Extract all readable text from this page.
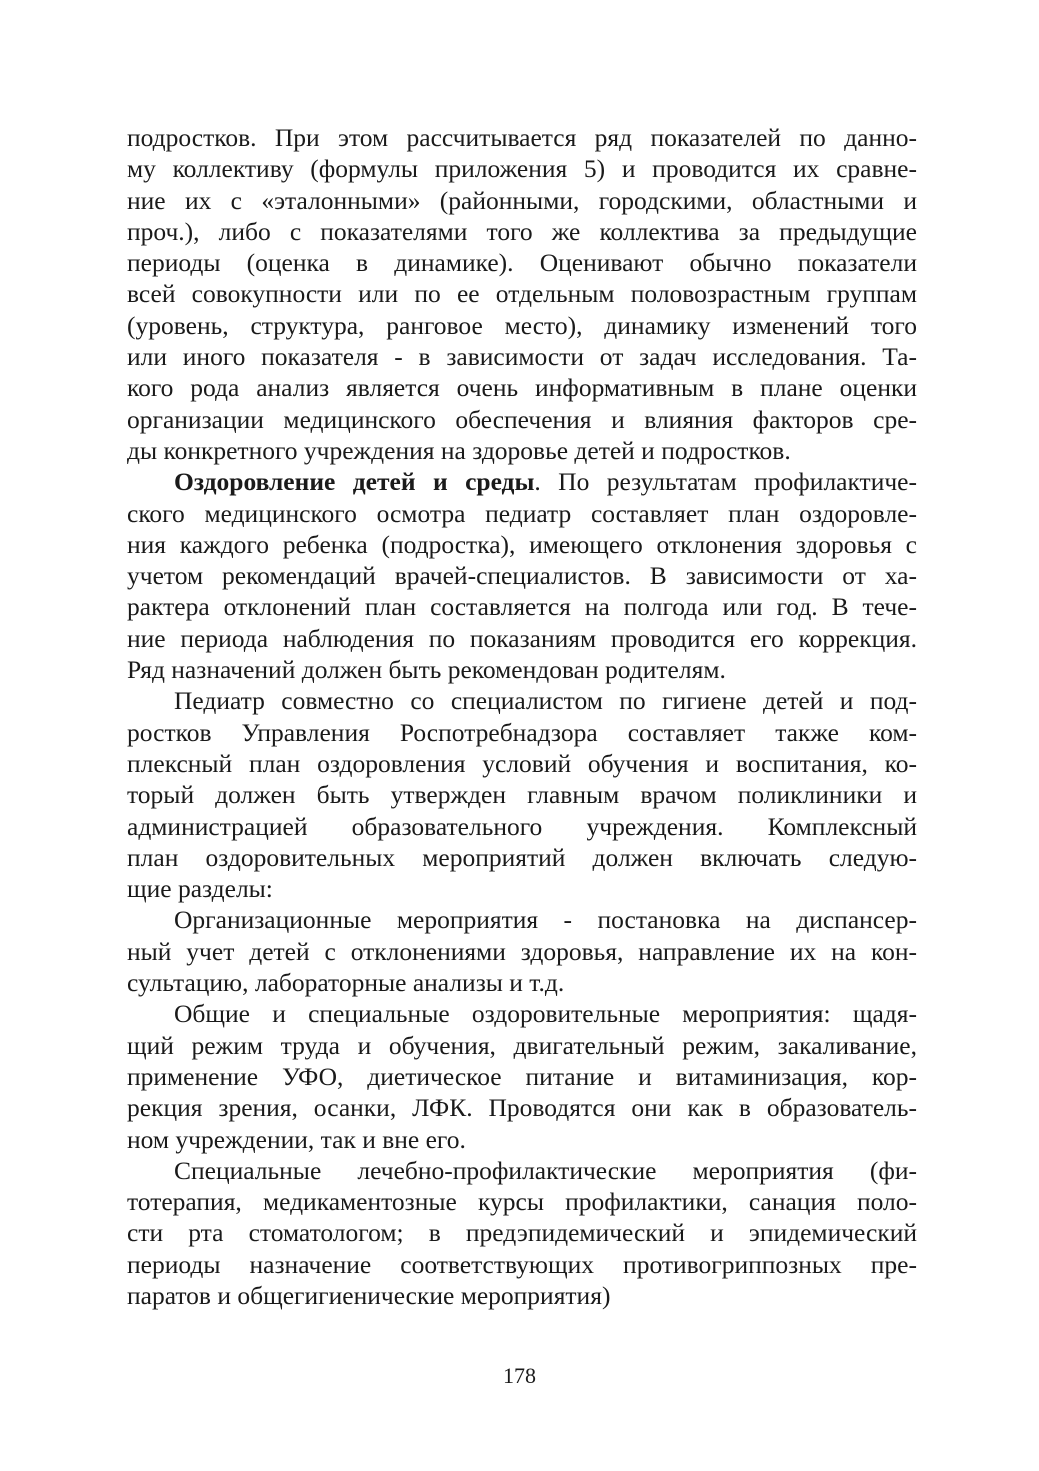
подростков. При этом рассчитывается ряд показателей по данно-
му коллективу (формулы приложения 5) и проводится их сравне-
ние их с «эталонными» (районными, городскими, областными и
проч.), либо с показателями того же коллектива за предыдущие
периоды (оценка в динамике). Оценивают обычно показатели
всей совокупности или по ее отдельным половозрастным группам
(уровень, структура, ранговое место), динамику изменений того
или иного показателя - в зависимости от задач исследования. Та-
кого рода анализ является очень информативным в плане оценки
организации медицинского обеспечения и влияния факторов сре-
ды конкретного учреждения на здоровье детей и подростков.
Оздоровление детей и среды. По результатам профилактиче-
ского медицинского осмотра педиатр составляет план оздоровле-
ния каждого ребенка (подростка), имеющего отклонения здоровья с
учетом рекомендаций врачей-специалистов. В зависимости от ха-
рактера отклонений план составляется на полгода или год. В тече-
ние периода наблюдения по показаниям проводится его коррекция.
Ряд назначений должен быть рекомендован родителям.
Педиатр совместно со специалистом по гигиене детей и под-
ростков Управления Роспотребнадзора составляет также ком-
плексный план оздоровления условий обучения и воспитания, ко-
торый должен быть утвержден главным врачом поликлиники и
администрацией образовательного учреждения. Комплексный
план оздоровительных мероприятий должен включать следую-
щие разделы:
Организационные мероприятия - постановка на диспансер-
ный учет детей с отклонениями здоровья, направление их на кон-
сультацию, лабораторные анализы и т.д.
Общие и специальные оздоровительные мероприятия: щадя-
щий режим труда и обучения, двигательный режим, закаливание,
применение УФО, диетическое питание и витаминизация, кор-
рекция зрения, осанки, ЛФК. Проводятся они как в образователь-
ном учреждении, так и вне его.
Специальные лечебно-профилактические мероприятия (фи-
тотерапия, медикаментозные курсы профилактики, санация поло-
сти рта стоматологом; в предэпидемический и эпидемический
периоды назначение соответствующих противогриппозных пре-
паратов и общегигиенические мероприятия)
178
